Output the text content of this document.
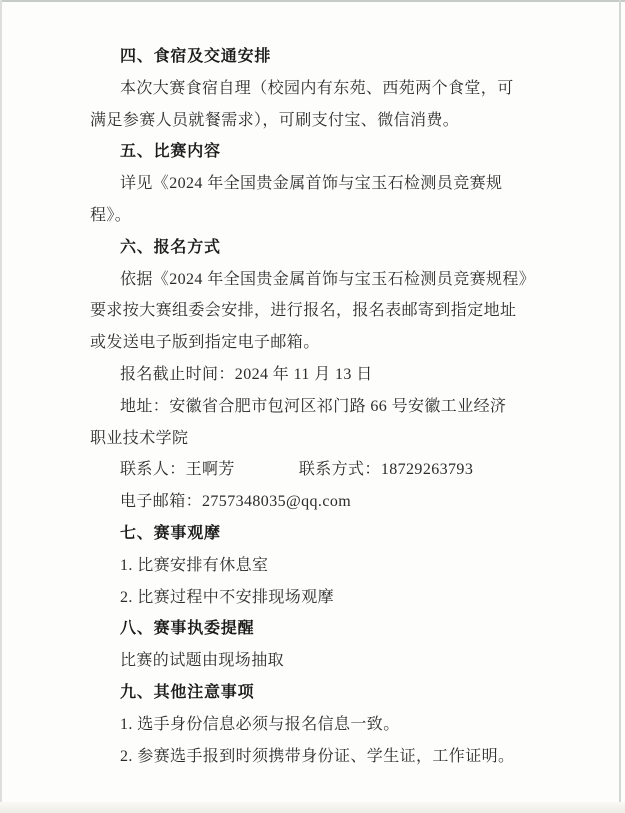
四、食宿及交通安排
本次大赛食宿自理（校园内有东苑、西苑两个食堂，可
满足参赛人员就餐需求），可刷支付宝、微信消费。
五、比赛内容
详见《2024 年全国贵金属首饰与宝玉石检测员竞赛规
程》。
六、报名方式
依据《2024 年全国贵金属首饰与宝玉石检测员竞赛规程》
要求按大赛组委会安排，进行报名，报名表邮寄到指定地址
或发送电子版到指定电子邮箱。
报名截止时间：2024 年 11 月 13 日
地址：安徽省合肥市包河区祁门路 66 号安徽工业经济
职业技术学院
联系人：王啊芳	联系方式：18729263793
电子邮箱：2757348035@qq.com
七、赛事观摩
1. 比赛安排有休息室
2. 比赛过程中不安排现场观摩
八、赛事执委提醒
比赛的试题由现场抽取
九、其他注意事项
1. 选手身份信息必须与报名信息一致。
2. 参赛选手报到时须携带身份证、学生证，工作证明。
